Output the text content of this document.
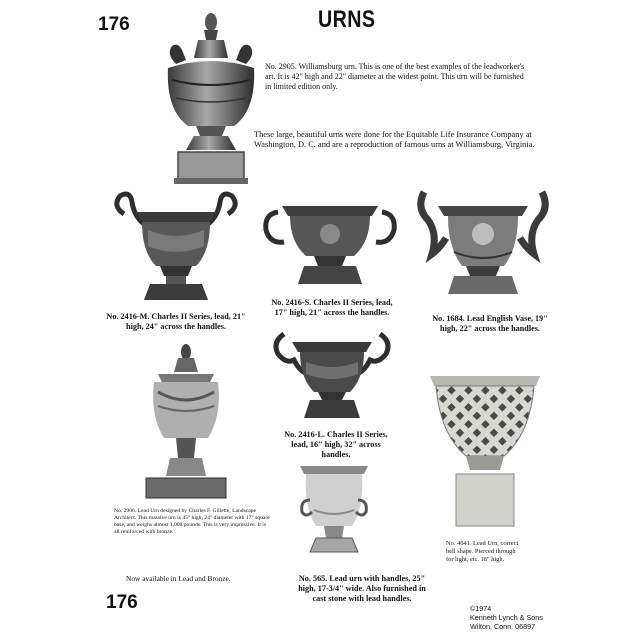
176	URNS
No. 2905. Williamsburg urn. This is one of the best examples of the leadworker's art. It is 42" high and 22" diameter at the widest point. This urn will be furnished in limited edition only.
These large, beautiful urns were done for the Equitable Life Insurance Company at Washington, D. C. and are a reproduction of famous urns at Williamsburg, Virginia.
No. 2416-M. Charles II Series, lead, 21" high, 24" across the handles.
No. 2416-S. Charles II Series, lead, 17" high, 21" across the handles.
No. 1684. Lead English Vase, 19" high, 22" across the handles.
No. 2416-L. Charles II Series, lead, 16" high, 32" across handles.
No. 2906. Lead Urn designed by Charles F. Gillette, Landscape Architect. This massive urn is 45" high, 24" diameter with 17" square base, and weighs almost 1,000 pounds. This is very impressive. It is all reinforced with bronze.
Now available in Lead and Bronze.	No. 565. Lead urn with handles, 25" high, 17-3/4" wide. Also furnished in cast stone with lead handles.
No. 4641. Lead Urn, correct bell shape. Pierced through for light, etc. 18" high.
176	©1974
Kenneth Lynch & Sons
Wilton, Conn. 06897
